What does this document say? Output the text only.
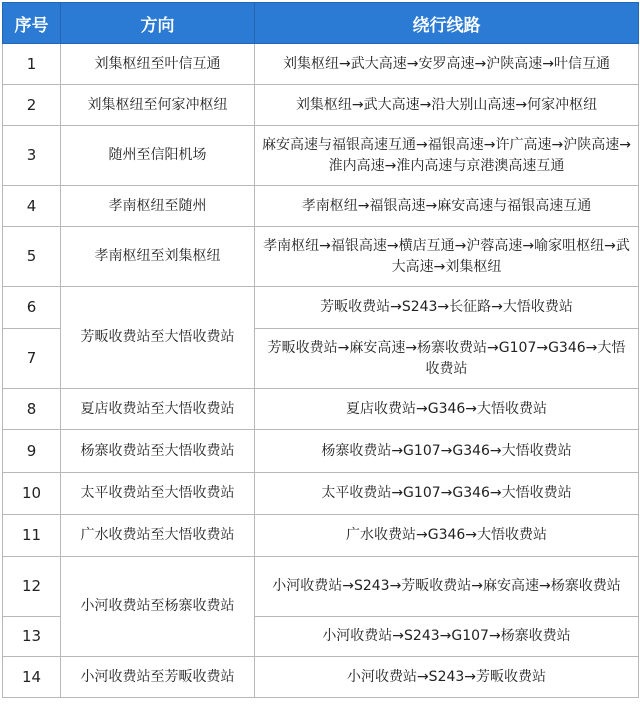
序号	方向	绕行线路
1	刘集枢纽至叶信互通	刘集枢纽→武大高速→安罗高速→沪陕高速→叶信互通
2	刘集枢纽至何家冲枢纽	刘集枢纽→武大高速→沿大别山高速→何家冲枢纽
3	随州至信阳机场	麻安高速与福银高速互通→福银高速→许广高速→沪陕高速→淮内高速→淮内高速与京港澳高速互通
4	孝南枢纽至随州	孝南枢纽→福银高速→麻安高速与福银高速互通
5	孝南枢纽至刘集枢纽	孝南枢纽→福银高速→横店互通→沪蓉高速→喻家咀枢纽→武大高速→刘集枢纽
6	芳畈收费站至大悟收费站	芳畈收费站→S243→长征路→大悟收费站
7		芳畈收费站→麻安高速→杨寨收费站→G107→G346→大悟收费站
8	夏店收费站至大悟收费站	夏店收费站→G346→大悟收费站
9	杨寨收费站至大悟收费站	杨寨收费站→G107→G346→大悟收费站
10	太平收费站至大悟收费站	太平收费站→G107→G346→大悟收费站
11	广水收费站至大悟收费站	广水收费站→G346→大悟收费站
12	小河收费站至杨寨收费站	小河收费站→S243→芳畈收费站→麻安高速→杨寨收费站
13		小河收费站→S243→G107→杨寨收费站
14	小河收费站至芳畈收费站	小河收费站→S243→芳畈收费站
